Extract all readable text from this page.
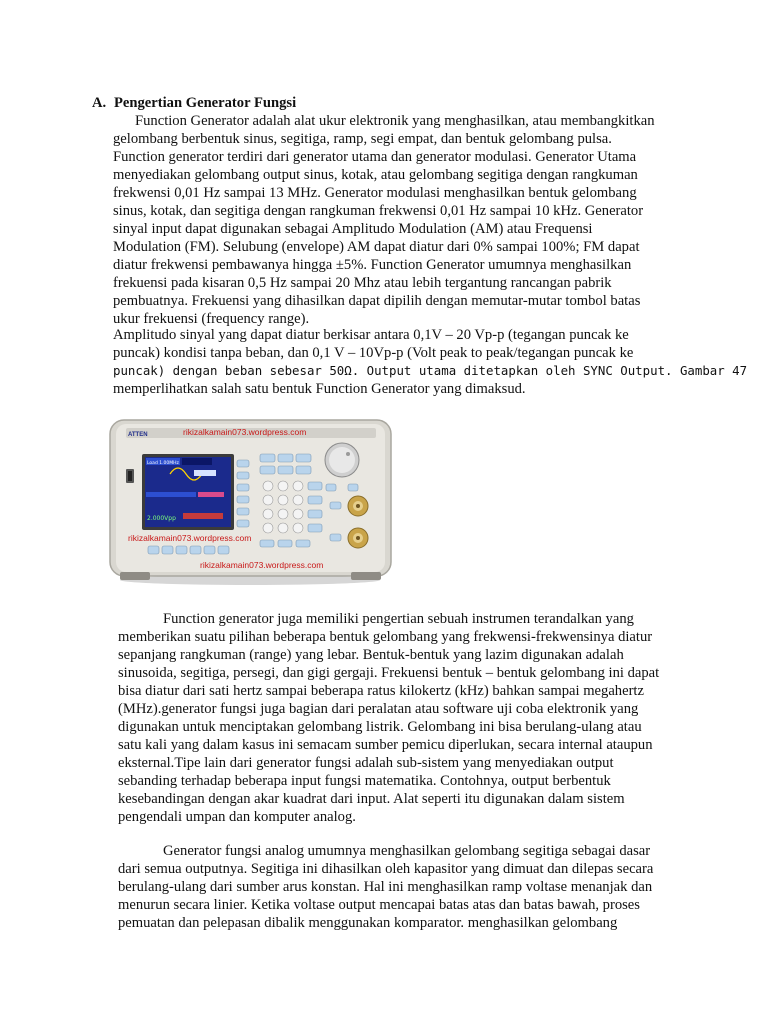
A. Pengertian Generator Fungsi
Function Generator adalah alat ukur elektronik yang menghasilkan, atau membangkitkan
gelombang berbentuk sinus, segitiga, ramp, segi empat, dan bentuk gelombang pulsa.
Function generator terdiri dari generator utama dan generator modulasi. Generator Utama
menyediakan gelombang output sinus, kotak, atau gelombang segitiga dengan rangkuman
frekwensi 0,01 Hz sampai 13 MHz. Generator modulasi menghasilkan bentuk gelombang
sinus, kotak, dan segitiga dengan rangkuman frekwensi 0,01 Hz sampai 10 kHz. Generator
sinyal input dapat digunakan sebagai Amplitudo Modulation (AM) atau Frequensi
Modulation (FM). Selubung (envelope) AM dapat diatur dari 0% sampai 100%; FM dapat
diatur frekwensi pembawanya hingga ±5%. Function Generator umumnya menghasilkan
frekuensi pada kisaran 0,5 Hz sampai 20 Mhz atau lebih tergantung rancangan pabrik
pembuatnya. Frekuensi yang dihasilkan dapat dipilih dengan memutar-mutar tombol batas
ukur frekuensi (frequency range).
Amplitudo sinyal yang dapat diatur berkisar antara 0,1V – 20 Vp-p (tegangan puncak ke
puncak) kondisi tanpa beban, dan 0,1 V – 10Vp-p (Volt peak to peak/tegangan puncak ke
puncak) dengan beban sebesar 50Ω. Output utama ditetapkan oleh SYNC Output. Gambar 47
memperlihatkan salah satu bentuk Function Generator yang dimaksud.
ATTEN	rikizalkamain073.wordpress.com
Load 1.00MHz
2.000Vpp
rikizalkamain073.wordpress.com
rikizalkamain073.wordpress.com
Function generator juga memiliki pengertian sebuah instrumen terandalkan yang
memberikan suatu pilihan beberapa bentuk gelombang yang frekwensi-frekwensinya diatur
sepanjang rangkuman (range) yang lebar. Bentuk-bentuk yang lazim digunakan adalah
sinusoida, segitiga, persegi, dan gigi gergaji. Frekuensi bentuk – bentuk gelombang ini dapat
bisa diatur dari sati hertz sampai beberapa ratus kilokertz (kHz) bahkan sampai megahertz
(MHz).generator fungsi juga bagian dari peralatan atau software uji coba elektronik yang
digunakan untuk menciptakan gelombang listrik. Gelombang ini bisa berulang-ulang atau
satu kali yang dalam kasus ini semacam sumber pemicu diperlukan, secara internal ataupun
eksternal.Tipe lain dari generator fungsi adalah sub-sistem yang menyediakan output
sebanding terhadap beberapa input fungsi matematika. Contohnya, output berbentuk
kesebandingan dengan akar kuadrat dari input. Alat seperti itu digunakan dalam sistem
pengendali umpan dan komputer analog.
Generator fungsi analog umumnya menghasilkan gelombang segitiga sebagai dasar
dari semua outputnya. Segitiga ini dihasilkan oleh kapasitor yang dimuat dan dilepas secara
berulang-ulang dari sumber arus konstan. Hal ini menghasilkan ramp voltase menanjak dan
menurun secara linier. Ketika voltase output mencapai batas atas dan batas bawah, proses
pemuatan dan pelepasan dibalik menggunakan komparator. menghasilkan gelombang
